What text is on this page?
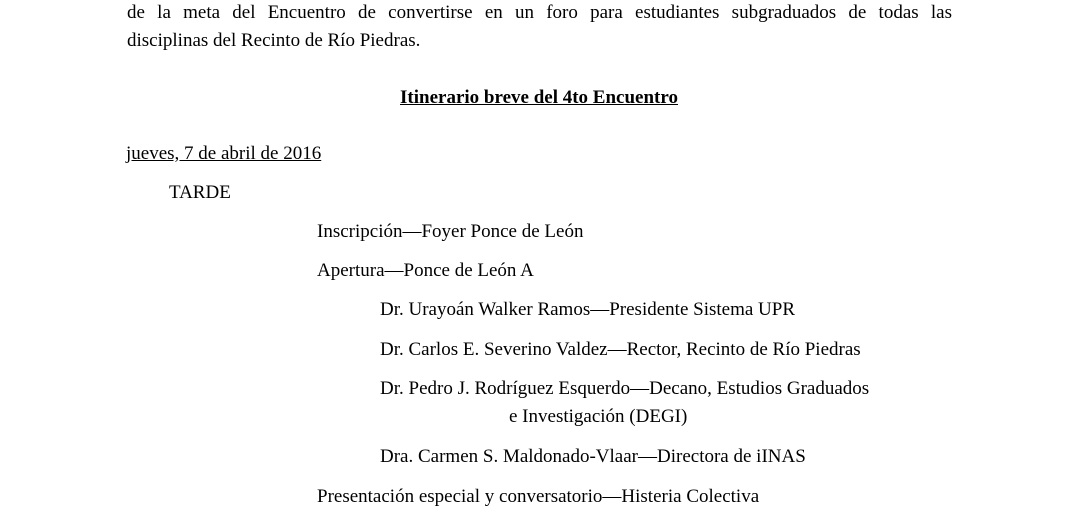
de la meta del Encuentro de convertirse en un foro para estudiantes subgraduados de todas las
disciplinas del Recinto de Río Piedras.
Itinerario breve del 4to Encuentro
jueves, 7 de abril de 2016
TARDE
Inscripción—Foyer Ponce de León
Apertura—Ponce de León A
Dr. Urayoán Walker Ramos—Presidente Sistema UPR
Dr. Carlos E. Severino Valdez—Rector, Recinto de Río Piedras
Dr. Pedro J. Rodríguez Esquerdo—Decano, Estudios Graduados
e Investigación (DEGI)
Dra. Carmen S. Maldonado-Vlaar—Directora de iINAS
Presentación especial y conversatorio—Histeria Colectiva
